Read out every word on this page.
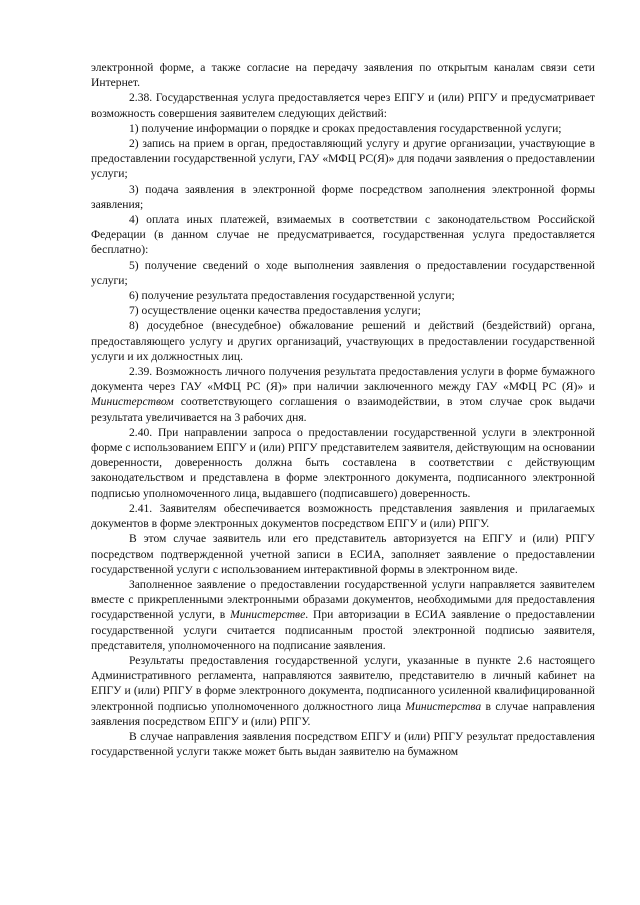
электронной форме, а также согласие на передачу заявления по открытым каналам связи сети Интернет.

2.38. Государственная услуга предоставляется через ЕПГУ и (или) РПГУ и предусматривает возможность совершения заявителем следующих действий:

1) получение информации о порядке и сроках предоставления государственной услуги;

2) запись на прием в орган, предоставляющий услугу и другие организации, участвующие в предоставлении государственной услуги, ГАУ «МФЦ РС(Я)» для подачи заявления о предоставлении услуги;

3) подача заявления в электронной форме посредством заполнения электронной формы заявления;

4) оплата иных платежей, взимаемых в соответствии с законодательством Российской Федерации (в данном случае не предусматривается, государственная услуга предоставляется бесплатно):

5) получение сведений о ходе выполнения заявления о предоставлении государственной услуги;

6) получение результата предоставления государственной услуги;

7) осуществление оценки качества предоставления услуги;

8) досудебное (внесудебное) обжалование решений и действий (бездействий) органа, предоставляющего услугу и других организаций, участвующих в предоставлении государственной услуги и их должностных лиц.

2.39. Возможность личного получения результата предоставления услуги в форме бумажного документа через ГАУ «МФЦ РС (Я)» при наличии заключенного между ГАУ «МФЦ РС (Я)» и Министерством соответствующего соглашения о взаимодействии, в этом случае срок выдачи результата увеличивается на 3 рабочих дня.

2.40. При направлении запроса о предоставлении государственной услуги в электронной форме с использованием ЕПГУ и (или) РПГУ представителем заявителя, действующим на основании доверенности, доверенность должна быть составлена в соответствии с действующим законодательством и представлена в форме электронного документа, подписанного электронной подписью уполномоченного лица, выдавшего (подписавшего) доверенность.

2.41. Заявителям обеспечивается возможность представления заявления и прилагаемых документов в форме электронных документов посредством ЕПГУ и (или) РПГУ.

В этом случае заявитель или его представитель авторизуется на ЕПГУ и (или) РПГУ посредством подтвержденной учетной записи в ЕСИА, заполняет заявление о предоставлении государственной услуги с использованием интерактивной формы в электронном виде.

Заполненное заявление о предоставлении государственной услуги направляется заявителем вместе с прикрепленными электронными образами документов, необходимыми для предоставления государственной услуги, в Министерстве. При авторизации в ЕСИА заявление о предоставлении государственной услуги считается подписанным простой электронной подписью заявителя, представителя, уполномоченного на подписание заявления.

Результаты предоставления государственной услуги, указанные в пункте 2.6 настоящего Административного регламента, направляются заявителю, представителю в личный кабинет на ЕПГУ и (или) РПГУ в форме электронного документа, подписанного усиленной квалифицированной электронной подписью уполномоченного должностного лица Министерства в случае направления заявления посредством ЕПГУ и (или) РПГУ.

В случае направления заявления посредством ЕПГУ и (или) РПГУ результат предоставления государственной услуги также может быть выдан заявителю на бумажном
